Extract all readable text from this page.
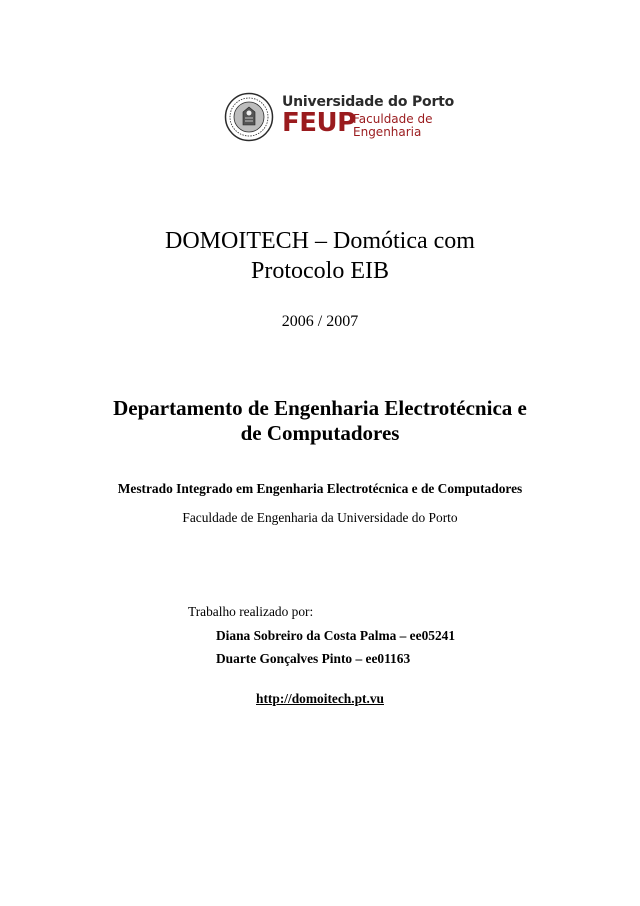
Universidade do Porto
FEUP
Faculdade de
Engenharia
DOMOITECH – Domótica com
Protocolo EIB
2006 / 2007
Departamento de Engenharia Electrotécnica e
de Computadores
Mestrado Integrado em Engenharia Electrotécnica e de Computadores
Faculdade de Engenharia da Universidade do Porto
Trabalho realizado por:
Diana Sobreiro da Costa Palma – ee05241
Duarte Gonçalves Pinto – ee01163
http://domoitech.pt.vu
